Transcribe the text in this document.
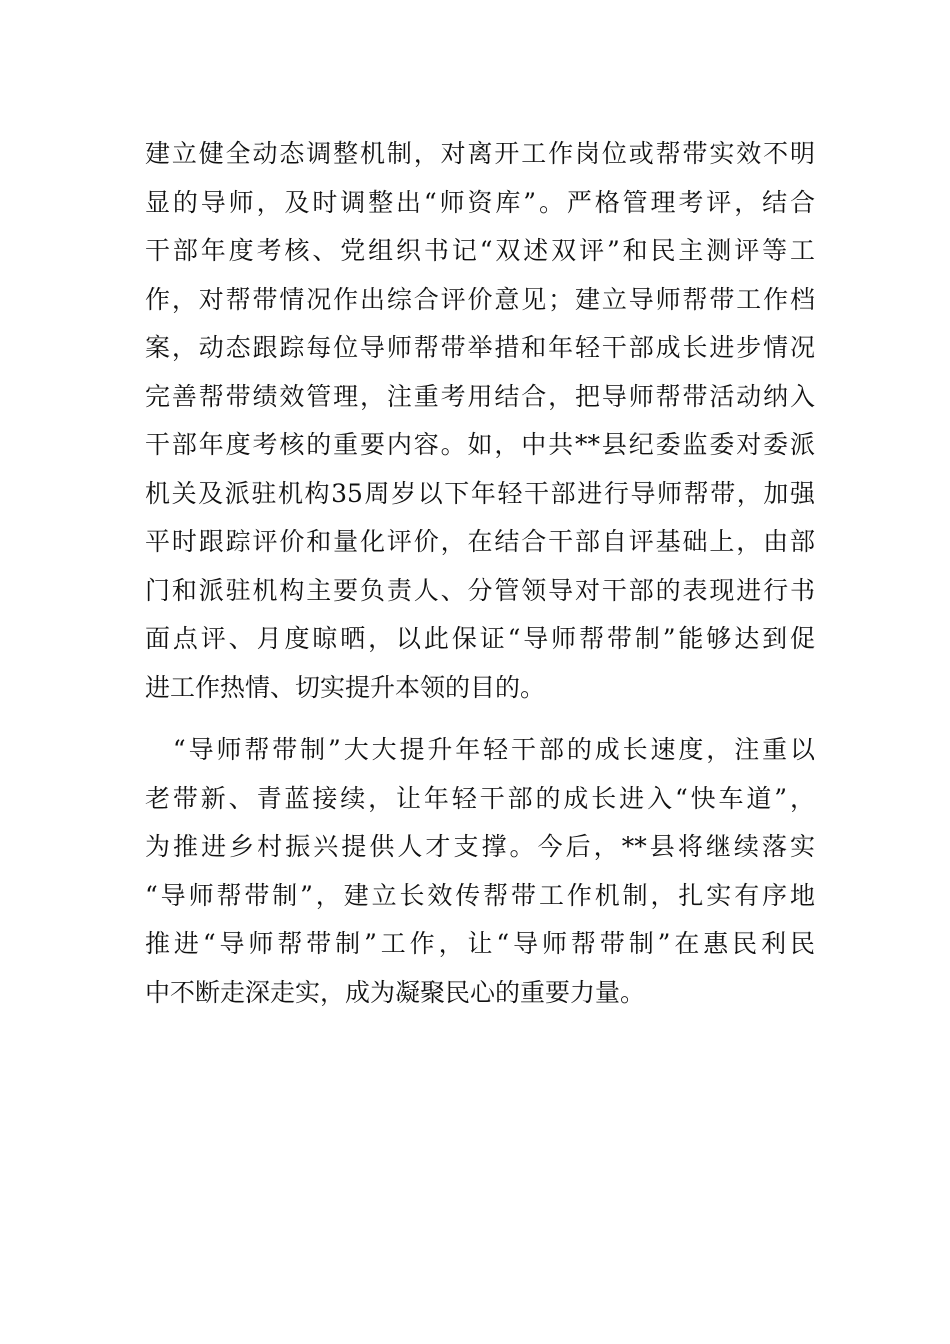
建立健全动态调整机制，对离开工作岗位或帮带实效不明
显的导师，及时调整出“师资库”。严格管理考评，结合
干部年度考核、党组织书记“双述双评”和民主测评等工
作，对帮带情况作出综合评价意见；建立导师帮带工作档
案，动态跟踪每位导师帮带举措和年轻干部成长进步情况
完善帮带绩效管理，注重考用结合，把导师帮带活动纳入
干部年度考核的重要内容。如，中共**县纪委监委对委派
机关及派驻机构35周岁以下年轻干部进行导师帮带，加强
平时跟踪评价和量化评价，在结合干部自评基础上，由部
门和派驻机构主要负责人、分管领导对干部的表现进行书
面点评、月度晾晒，以此保证“导师帮带制”能够达到促
进工作热情、切实提升本领的目的。
　“导师帮带制”大大提升年轻干部的成长速度，注重以
老带新、青蓝接续，让年轻干部的成长进入“快车道”，
为推进乡村振兴提供人才支撑。今后，**县将继续落实
“导师帮带制”，建立长效传帮带工作机制，扎实有序地
推进“导师帮带制”工作，让“导师帮带制”在惠民利民
中不断走深走实，成为凝聚民心的重要力量。
